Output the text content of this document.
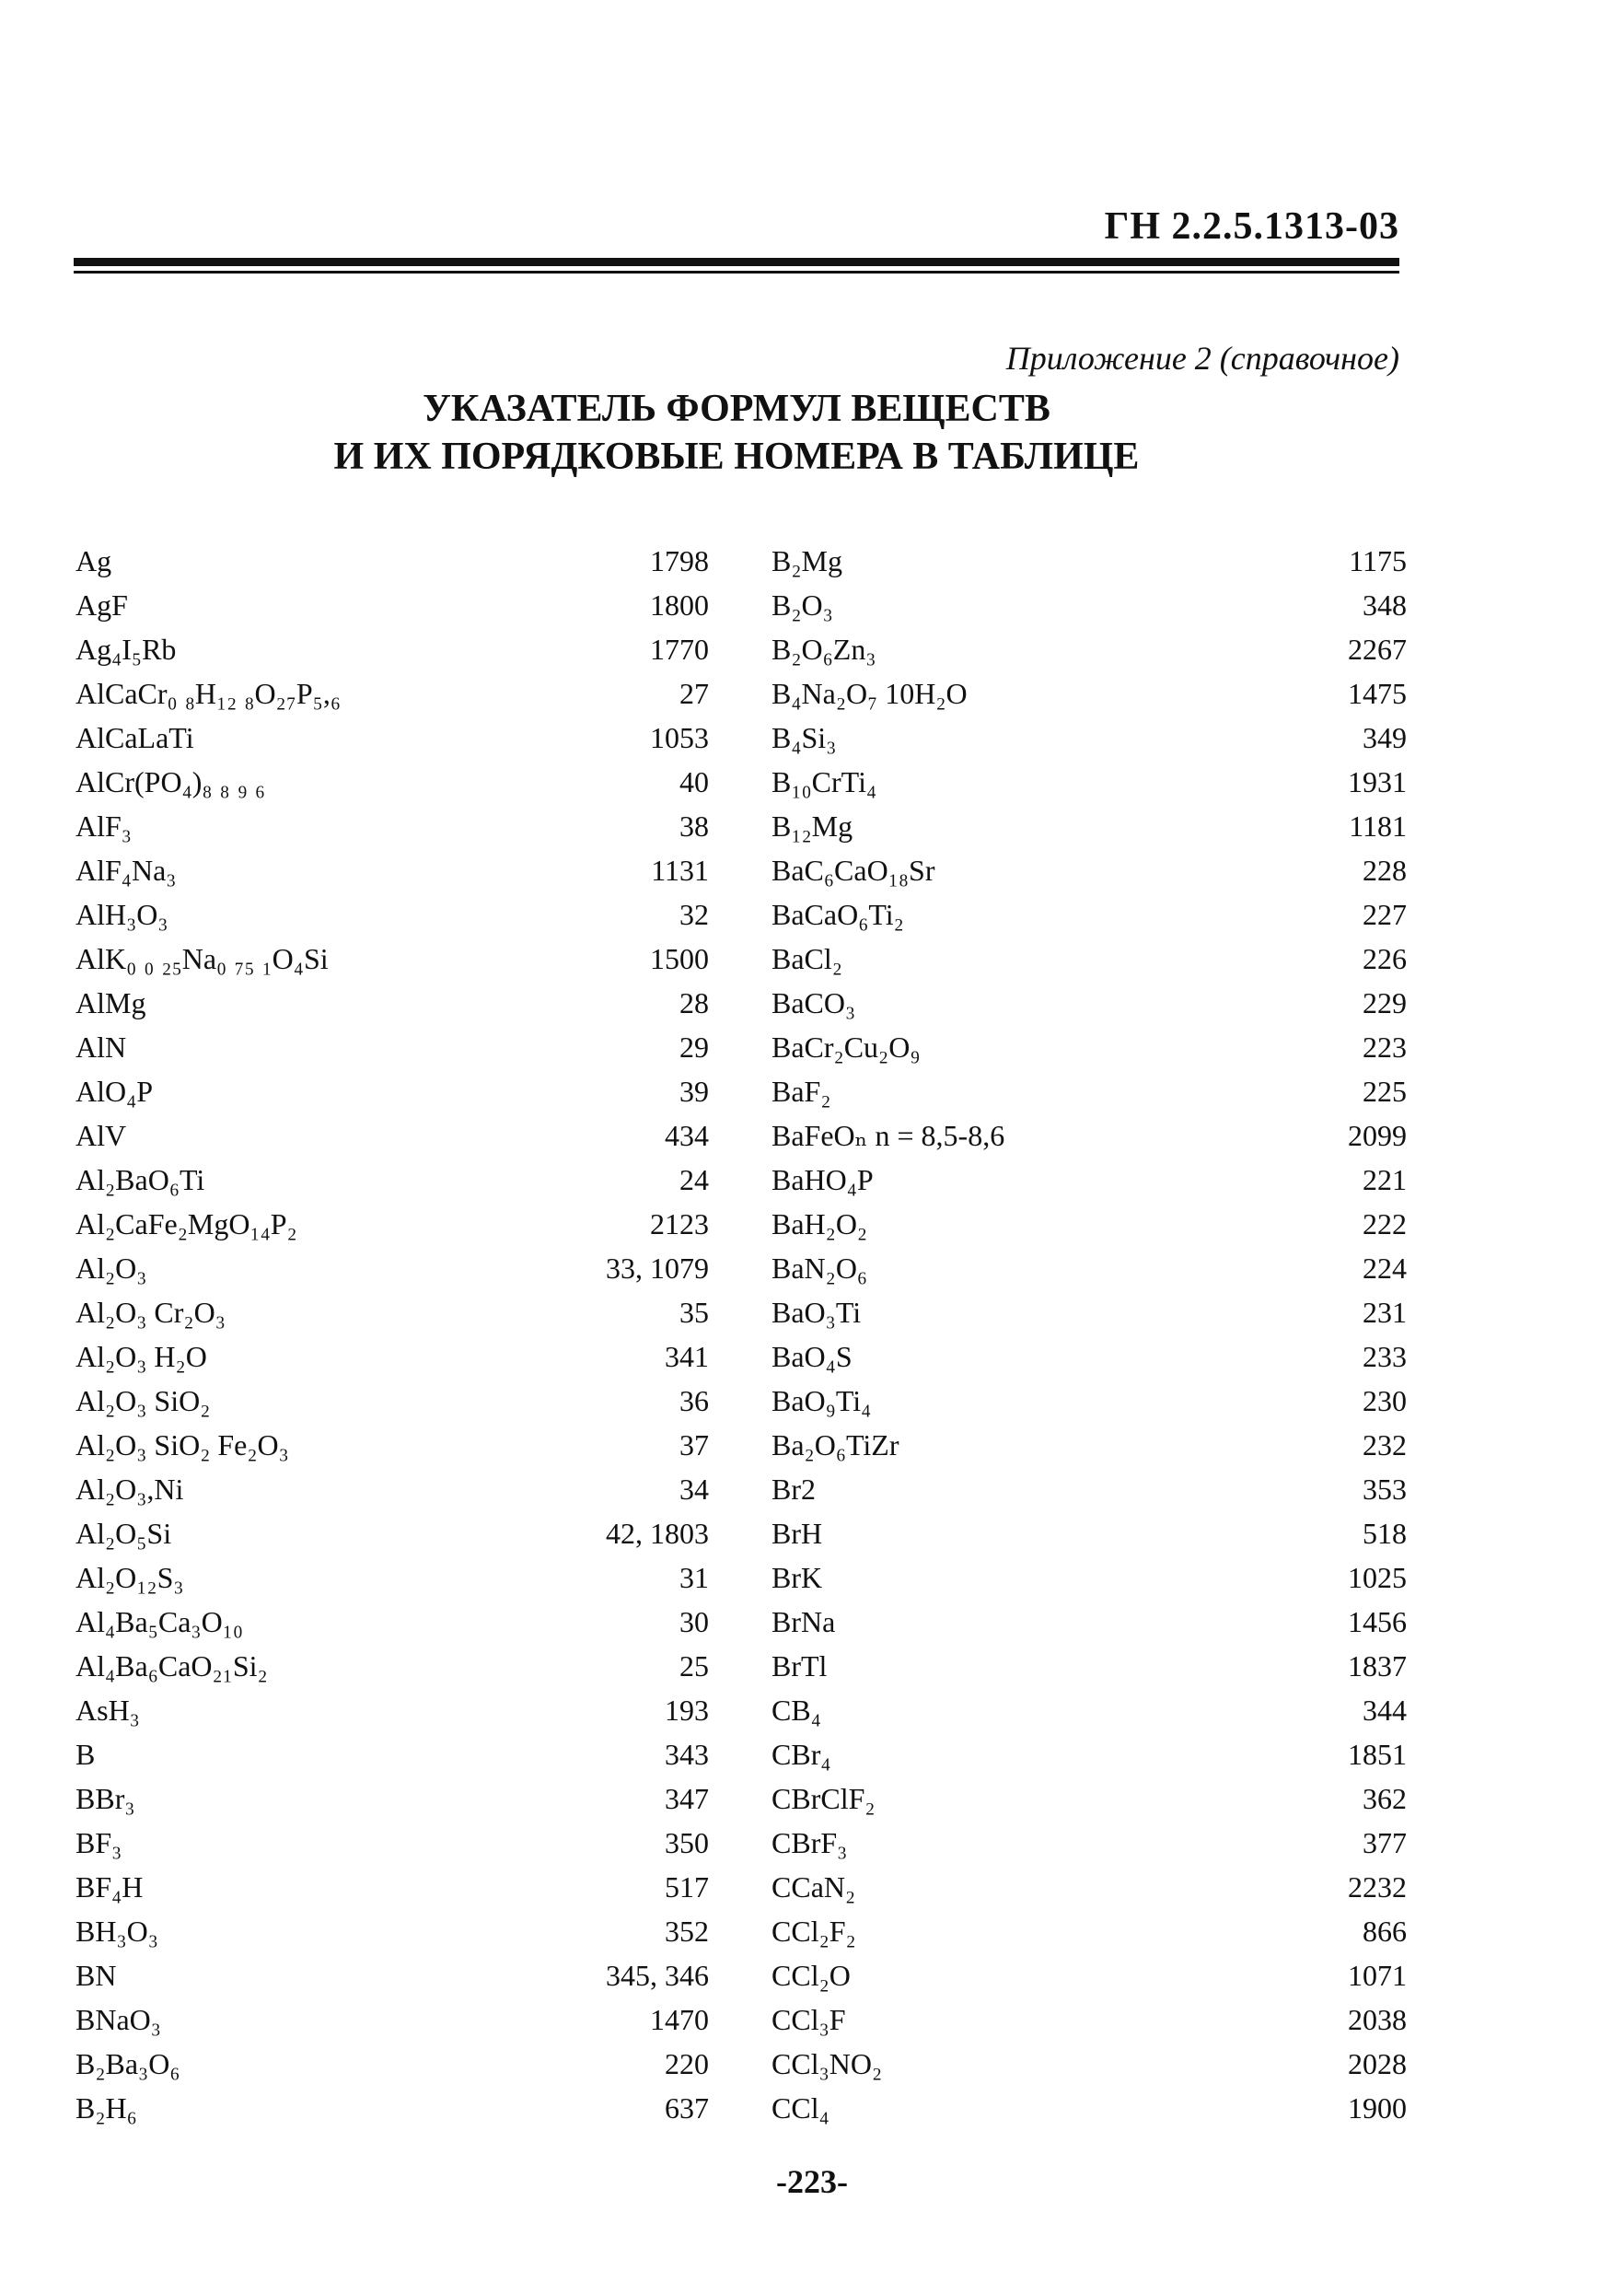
ГН 2.2.5.1313-03
Приложение 2 (справочное)
УКАЗАТЕЛЬ ФОРМУЛ ВЕЩЕСТВ
И ИХ ПОРЯДКОВЫЕ НОМЕРА В ТАБЛИЦЕ
Ag	1798
AgF	1800
Ag₄I₅Rb	1770
AlCaCr₀ ₈H₁₂ ₈O₂₇P₅,₆	27
AlCaLaTi	1053
AlCr(PO₄)₈ ₈ ₉ ₆	40
AlF₃	38
AlF₄Na₃	1131
AlH₃O₃	32
AlK₀ ₀ ₂₅Na₀ ₇₅ ₁O₄Si	1500
AlMg	28
AlN	29
AlO₄P	39
AlV	434
Al₂BaO₆Ti	24
Al₂CaFe₂MgO₁₄P₂	2123
Al₂O₃	33, 1079
Al₂O₃ Cr₂O₃	35
Al₂O₃ H₂O	341
Al₂O₃ SiO₂	36
Al₂O₃ SiO₂ Fe₂O₃	37
Al₂O₃,Ni	34
Al₂O₅Si	42, 1803
Al₂O₁₂S₃	31
Al₄Ba₅Ca₃O₁₀	30
Al₄Ba₆CaO₂₁Si₂	25
AsH₃	193
B	343
BBr₃	347
BF₃	350
BF₄H	517
BH₃O₃	352
BN	345, 346
BNaO₃	1470
B₂Ba₃O₆	220
B₂H₆	637
B₂Mg	1175
B₂O₃	348
B₂O₆Zn₃	2267
B₄Na₂O₇ 10H₂O	1475
B₄Si₃	349
B₁₀CrTi₄	1931
B₁₂Mg	1181
BaC₆CaO₁₈Sr	228
BaCaO₆Ti₂	227
BaCl₂	226
BaCO₃	229
BaCr₂Cu₂O₉	223
BaF₂	225
BaFeOₙ n = 8,5-8,6	2099
BaHO₄P	221
BaH₂O₂	222
BaN₂O₆	224
BaO₃Ti	231
BaO₄S	233
BaO₉Ti₄	230
Ba₂O₆TiZr	232
Br2	353
BrH	518
BrK	1025
BrNa	1456
BrTl	1837
CB₄	344
CBr₄	1851
CBrClF₂	362
CBrF₃	377
CCaN₂	2232
CCl₂F₂	866
CCl₂O	1071
CCl₃F	2038
CCl₃NO₂	2028
CCl₄	1900
-223-
